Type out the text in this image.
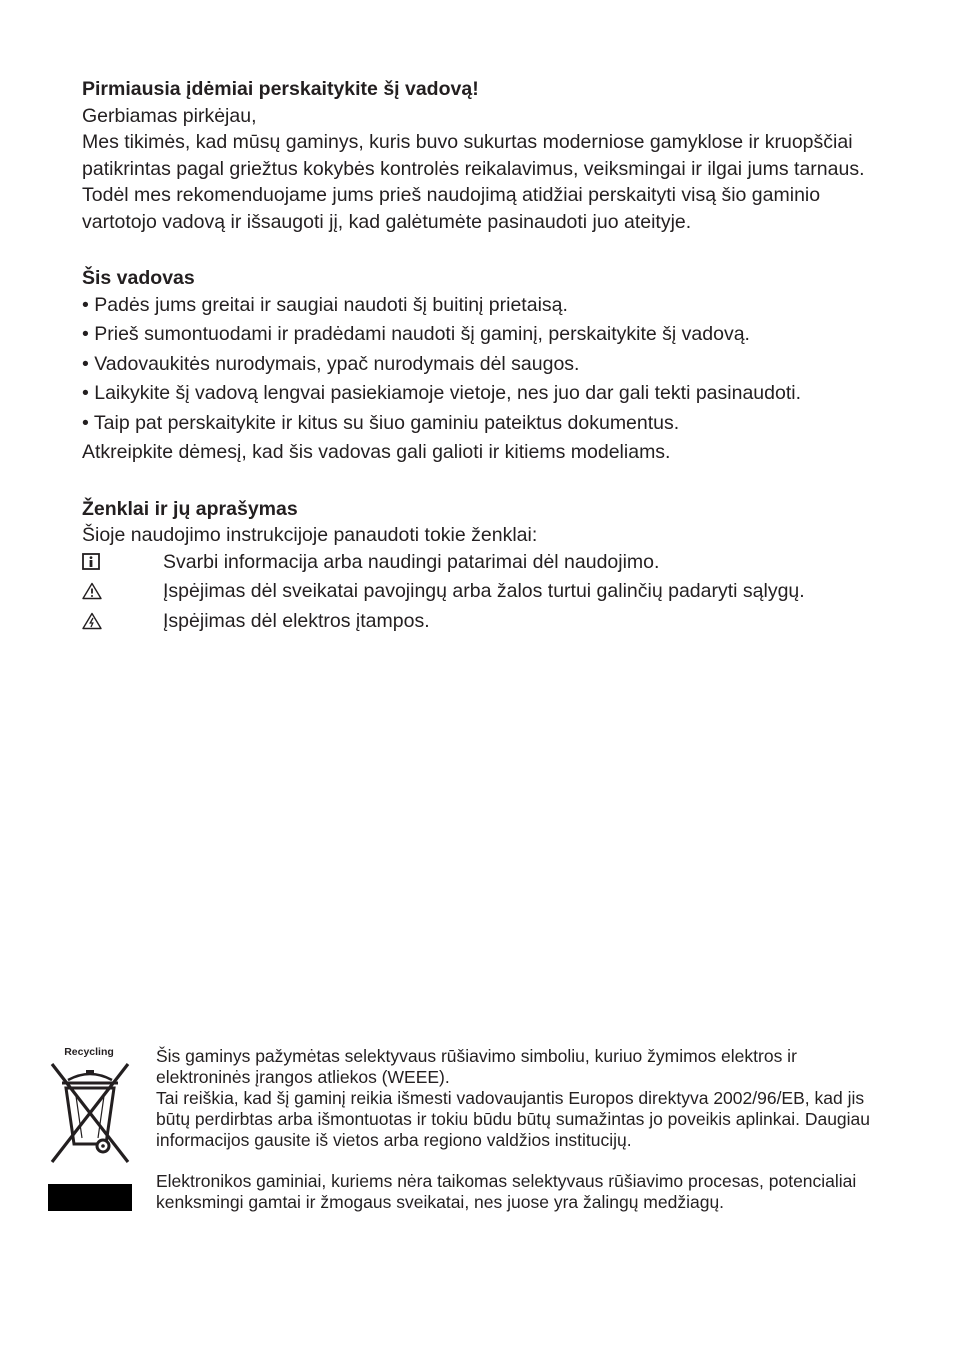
Pirmiausia įdėmiai perskaitykite šį vadovą!

Gerbiamas pirkėjau,

Mes tikimės, kad mūsų gaminys, kuris buvo sukurtas moderniose gamyklose ir kruopščiai patikrintas pagal griežtus kokybės kontrolės reikalavimus, veiksmingai ir ilgai jums tarnaus.

Todėl mes rekomenduojame jums prieš naudojimą atidžiai perskaityti visą šio gaminio vartotojo vadovą ir išsaugoti jį, kad galėtumėte pasinaudoti juo ateityje.

Šis vadovas

• Padės jums greitai ir saugiai naudoti šį buitinį prietaisą.
• Prieš sumontuodami ir pradėdami naudoti šį gaminį, perskaitykite šį vadovą.
• Vadovaukitės nurodymais, ypač nurodymais dėl saugos.
• Laikykite šį vadovą lengvai pasiekiamoje vietoje, nes juo dar gali tekti pasinaudoti.
• Taip pat perskaitykite ir kitus su šiuo gaminiu pateiktus dokumentus.

Atkreipkite dėmesį, kad šis vadovas gali galioti ir kitiems modeliams.

Ženklai ir jų aprašymas

Šioje naudojimo instrukcijoje panaudoti tokie ženklai:

Svarbi informacija arba naudingi patarimai dėl naudojimo.
Įspėjimas dėl sveikatai pavojingų arba žalos turtui galinčių padaryti sąlygų.
Įspėjimas dėl elektros įtampos.
Recycling	Šis gaminys pažymėtas selektyvaus rūšiavimo simboliu, kuriuo žymimos elektros ir elektroninės įrangos atliekos (WEEE).

Tai reiškia, kad šį gaminį reikia išmesti vadovaujantis Europos direktyva 2002/96/EB, kad jis būtų perdirbtas arba išmontuotas ir tokiu būdu būtų sumažintas jo poveikis aplinkai. Daugiau informacijos gausite iš vietos arba regiono valdžios institucijų.

Elektronikos gaminiai, kuriems nėra taikomas selektyvaus rūšiavimo procesas, potencialiai kenksmingi gamtai ir žmogaus sveikatai, nes juose yra žalingų medžiagų.
